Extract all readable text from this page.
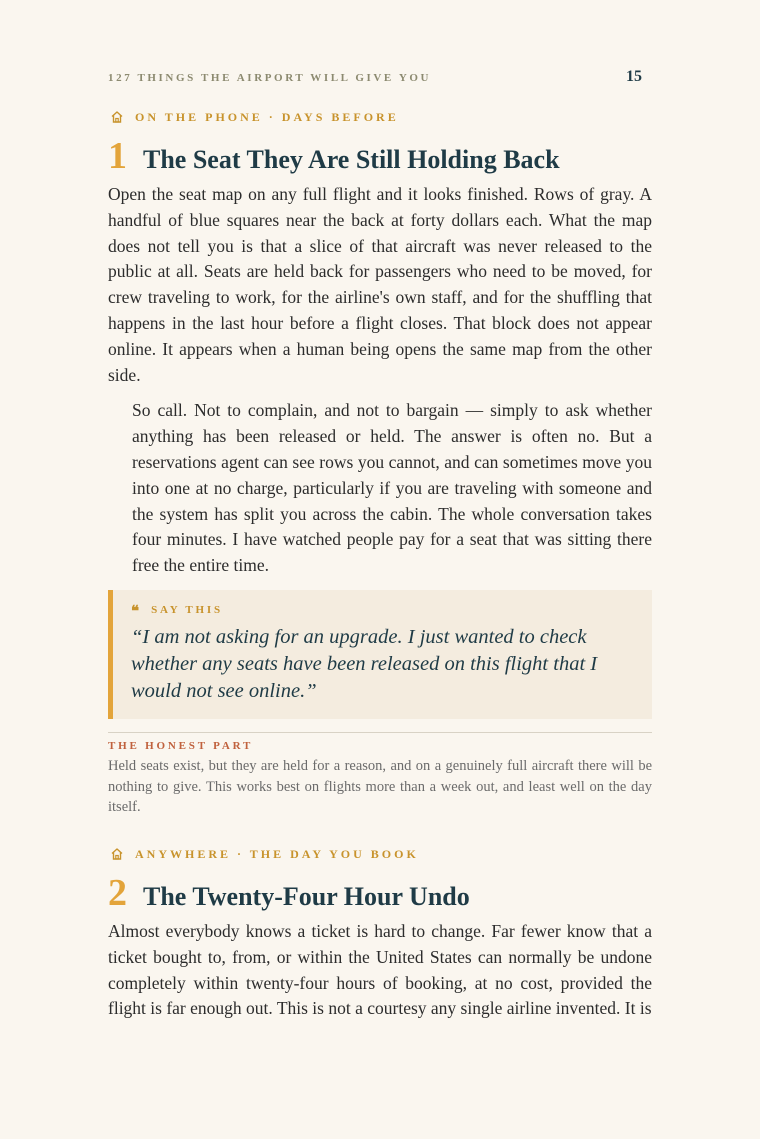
127 THINGS THE AIRPORT WILL GIVE YOU	15
ON THE PHONE · DAYS BEFORE
1 The Seat They Are Still Holding Back

Open the seat map on any full flight and it looks finished. Rows of gray. A handful of blue squares near the back at forty dollars each. What the map does not tell you is that a slice of that aircraft was never released to the public at all. Seats are held back for passengers who need to be moved, for crew traveling to work, for the airline's own staff, and for the shuffling that happens in the last hour before a flight closes. That block does not appear online. It appears when a human being opens the same map from the other side.

So call. Not to complain, and not to bargain — simply to ask whether anything has been released or held. The answer is often no. But a reservations agent can see rows you cannot, and can sometimes move you into one at no charge, particularly if you are traveling with someone and the system has split you across the cabin. The whole conversation takes four minutes. I have watched people pay for a seat that was sitting there free the entire time.

❝ SAY THIS
“I am not asking for an upgrade. I just wanted to check whether any seats have been released on this flight that I would not see online.”
THE HONEST PART
Held seats exist, but they are held for a reason, and on a genuinely full aircraft there will be nothing to give. This works best on flights more than a week out, and least well on the day itself.
ANYWHERE · THE DAY YOU BOOK
2 The Twenty-Four Hour Undo

Almost everybody knows a ticket is hard to change. Far fewer know that a ticket bought to, from, or within the United States can normally be undone completely within twenty-four hours of booking, at no cost, provided the flight is far enough out. This is not a courtesy any single airline invented. It is
